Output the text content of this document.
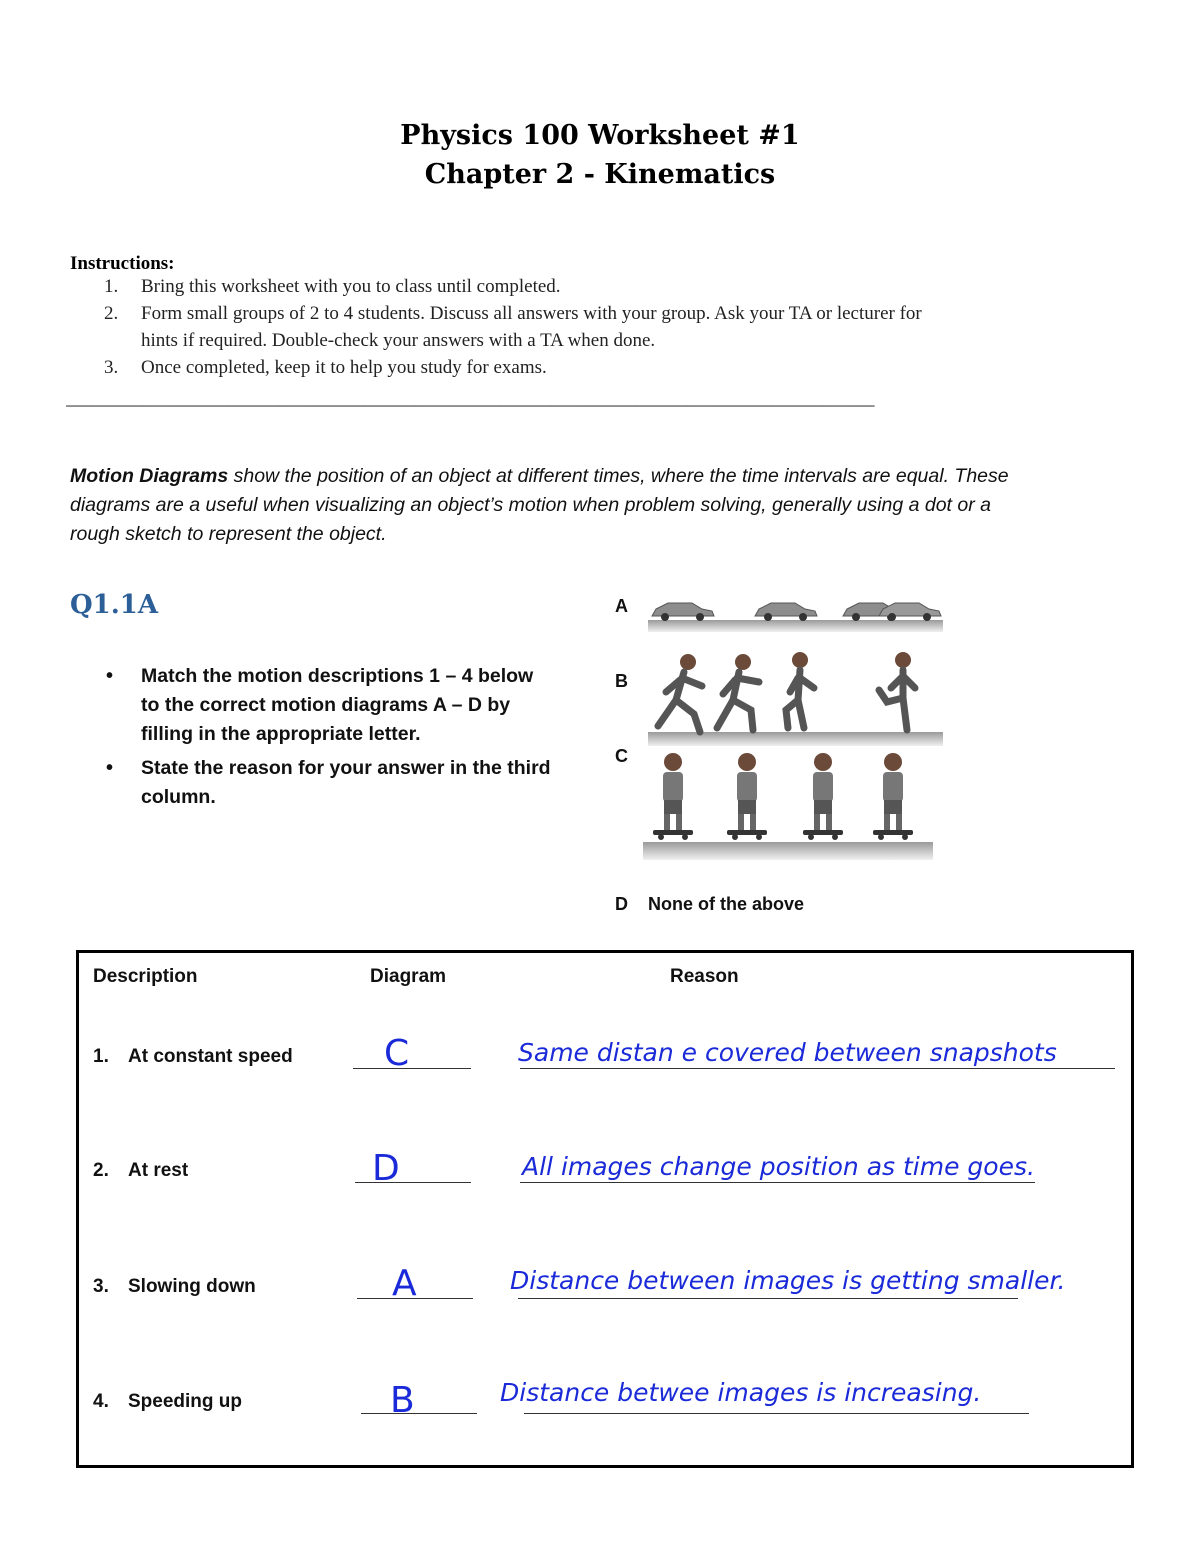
Physics 100 Worksheet #1
Chapter 2 - Kinematics
Instructions:
1. Bring this worksheet with you to class until completed.
2. Form small groups of 2 to 4 students. Discuss all answers with your group. Ask your TA or lecturer for
hints if required. Double-check your answers with a TA when done.
3. Once completed, keep it to help you study for exams.
_______________________________________________________________________________________________
Motion Diagrams show the position of an object at different times, where the time intervals are equal. These
diagrams are a useful when visualizing an object’s motion when problem solving, generally using a dot or a
rough sketch to represent the object.
Q1.1A
• Match the motion descriptions 1 – 4 below
to the correct motion diagrams A – D by
filling in the appropriate letter.
• State the reason for your answer in the third
column.
A
B
C
D None of the above
Description	Diagram	Reason
1. At constant speed	C	Same distan e covered between snapshots
2. At rest	D	All images change position as time goes.
3. Slowing down	A	Distance between images is getting smaller.
4. Speeding up	B	Distance betwee images is increasing.
